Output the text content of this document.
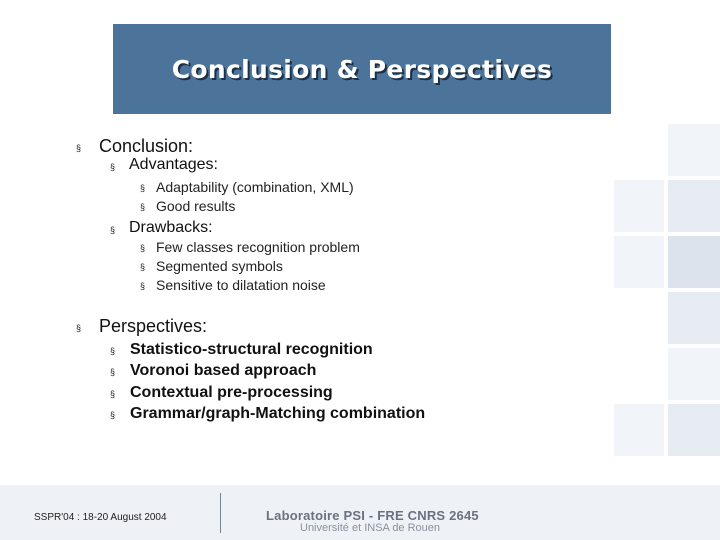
Conclusion & Perspectives
§ Conclusion:
§ Advantages:
§ Adaptability (combination, XML)
§ Good results
§ Drawbacks:
§ Few classes recognition problem
§ Segmented symbols
§ Sensitive to dilatation noise
§ Perspectives:
§ Statistico-structural recognition
§ Voronoi based approach
§ Contextual pre-processing
§ Grammar/graph-Matching combination
SSPR'04 : 18-20 August 2004	Laboratoire PSI - FRE CNRS 2645
Université et INSA de Rouen
